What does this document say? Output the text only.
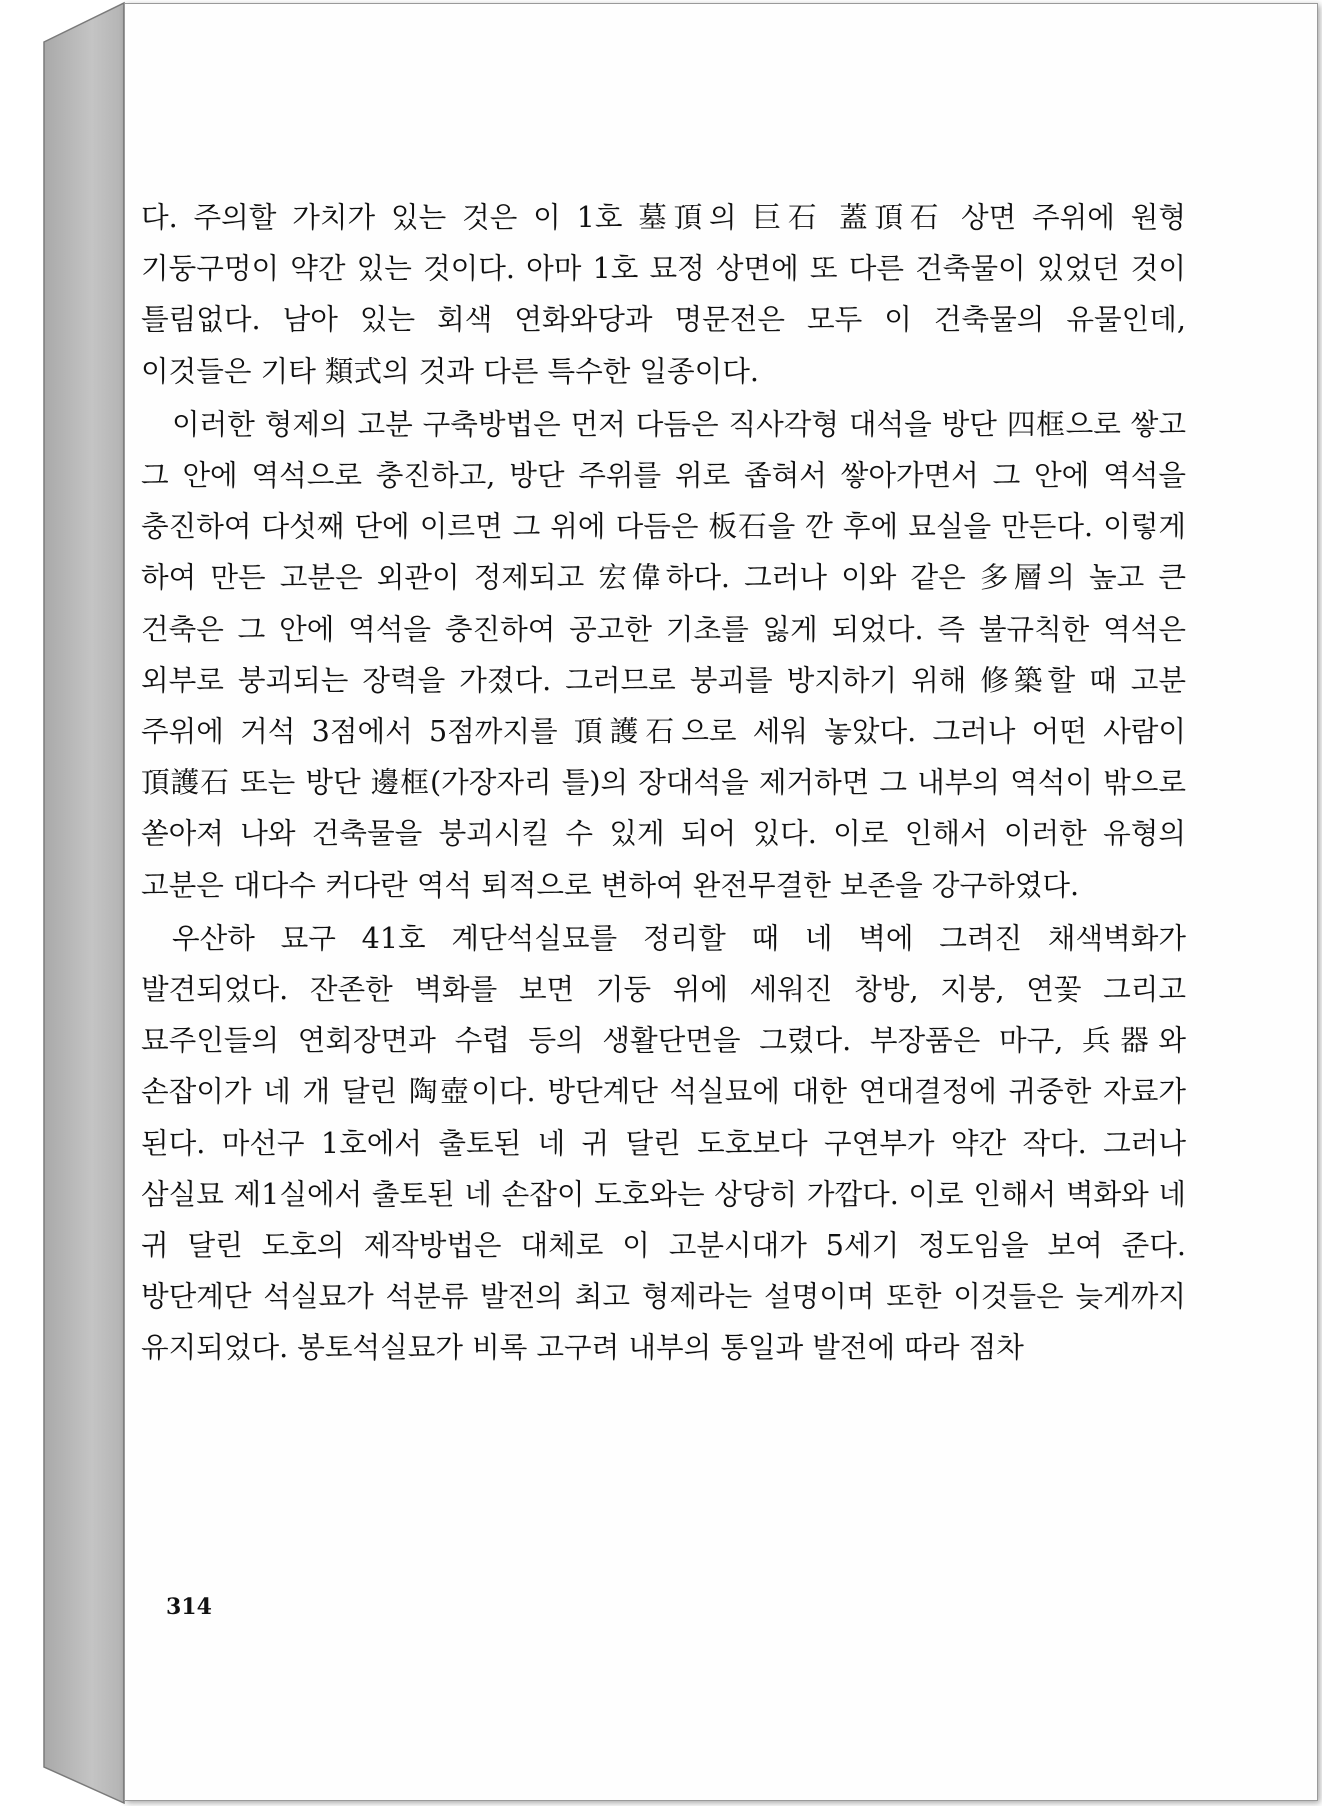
다. 주의할 가치가 있는 것은 이 1호 墓頂의 巨石 蓋頂石 상면 주위에 원형 기둥구멍이 약간 있는 것이다. 아마 1호 묘정 상면에 또 다른 건축물이 있었던 것이 틀림없다. 남아 있는 회색 연화와당과 명문전은 모두 이 건축물의 유물인데, 이것들은 기타 類式의 것과 다른 특수한 일종이다.

이러한 형제의 고분 구축방법은 먼저 다듬은 직사각형 대석을 방단 四框으로 쌓고 그 안에 역석으로 충진하고, 방단 주위를 위로 좁혀서 쌓아가면서 그 안에 역석을 충진하여 다섯째 단에 이르면 그 위에 다듬은 板石을 깐 후에 묘실을 만든다. 이렇게 하여 만든 고분은 외관이 정제되고 宏偉하다. 그러나 이와 같은 多層의 높고 큰 건축은 그 안에 역석을 충진하여 공고한 기초를 잃게 되었다. 즉 불규칙한 역석은 외부로 붕괴되는 장력을 가졌다. 그러므로 붕괴를 방지하기 위해 修築할 때 고분 주위에 거석 3점에서 5점까지를 頂護石으로 세워 놓았다. 그러나 어떤 사람이 頂護石 또는 방단 邊框(가장자리 틀)의 장대석을 제거하면 그 내부의 역석이 밖으로 쏟아져 나와 건축물을 붕괴시킬 수 있게 되어 있다. 이로 인해서 이러한 유형의 고분은 대다수 커다란 역석 퇴적으로 변하여 완전무결한 보존을 강구하였다.

우산하 묘구 41호 계단석실묘를 정리할 때 네 벽에 그려진 채색벽화가 발견되었다. 잔존한 벽화를 보면 기둥 위에 세워진 창방, 지붕, 연꽃 그리고 묘주인들의 연회장면과 수렵 등의 생활단면을 그렸다. 부장품은 마구, 兵器와 손잡이가 네 개 달린 陶壺이다. 방단계단 석실묘에 대한 연대결정에 귀중한 자료가 된다. 마선구 1호에서 출토된 네 귀 달린 도호보다 구연부가 약간 작다. 그러나 삼실묘 제1실에서 출토된 네 손잡이 도호와는 상당히 가깝다. 이로 인해서 벽화와 네 귀 달린 도호의 제작방법은 대체로 이 고분시대가 5세기 정도임을 보여 준다. 방단계단 석실묘가 석분류 발전의 최고 형제라는 설명이며 또한 이것들은 늦게까지 유지되었다. 봉토석실묘가 비록 고구려 내부의 통일과 발전에 따라 점차

314
